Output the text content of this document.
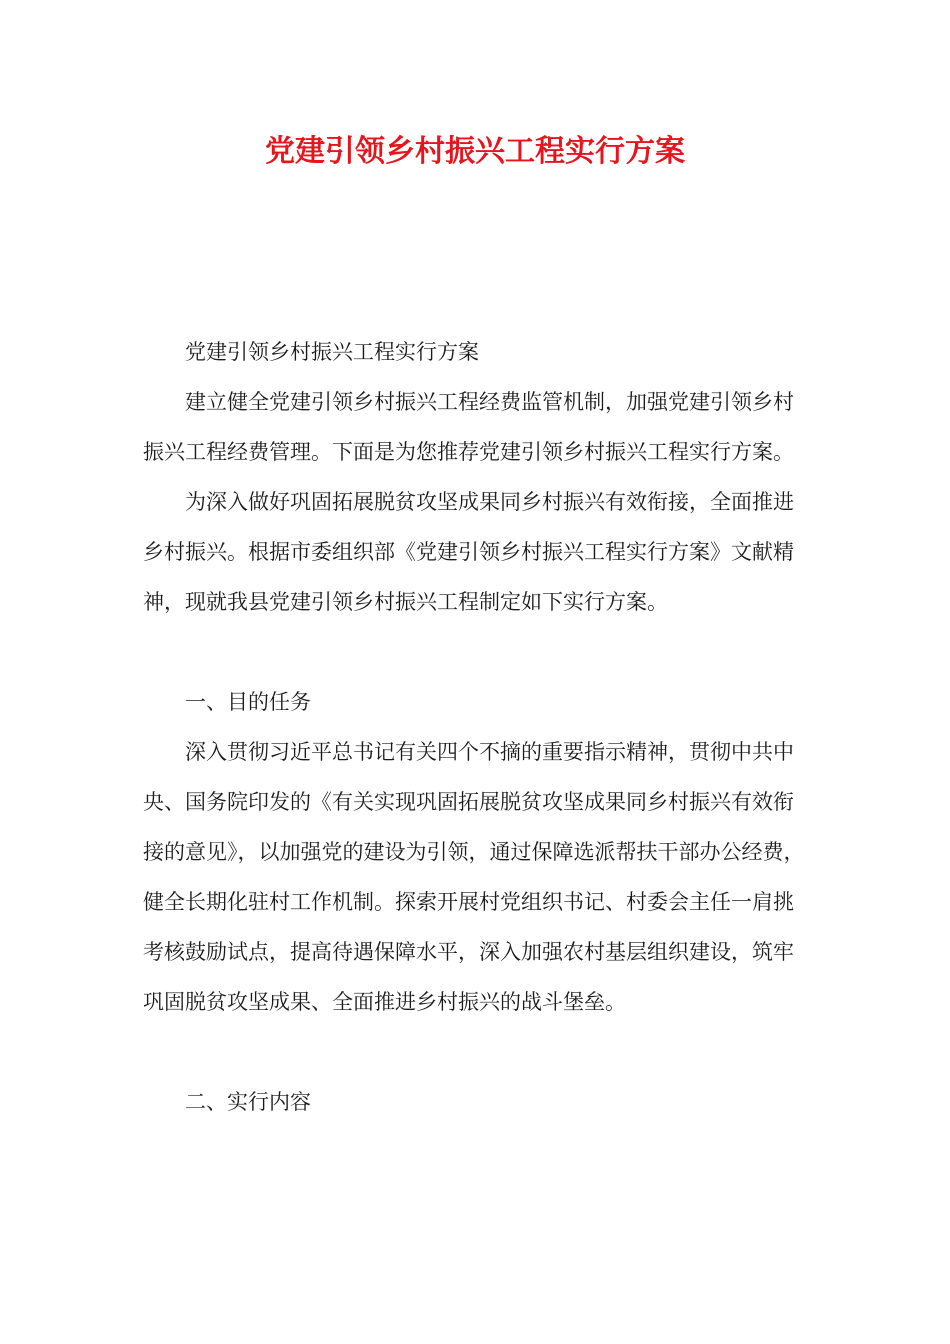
党建引领乡村振兴工程实行方案

党建引领乡村振兴工程实行方案

建立健全党建引领乡村振兴工程经费监管机制，加强党建引领乡村振兴工程经费管理。下面是为您推荐党建引领乡村振兴工程实行方案。

为深入做好巩固拓展脱贫攻坚成果同乡村振兴有效衔接，全面推进乡村振兴。根据市委组织部《党建引领乡村振兴工程实行方案》文献精神，现就我县党建引领乡村振兴工程制定如下实行方案。

一、目的任务

深入贯彻习近平总书记有关四个不摘的重要指示精神，贯彻中共中央、国务院印发的《有关实现巩固拓展脱贫攻坚成果同乡村振兴有效衔接的意见》，以加强党的建设为引领，通过保障选派帮扶干部办公经费，健全长期化驻村工作机制。探索开展村党组织书记、村委会主任一肩挑考核鼓励试点，提高待遇保障水平，深入加强农村基层组织建设，筑牢巩固脱贫攻坚成果、全面推进乡村振兴的战斗堡垒。

二、实行内容
